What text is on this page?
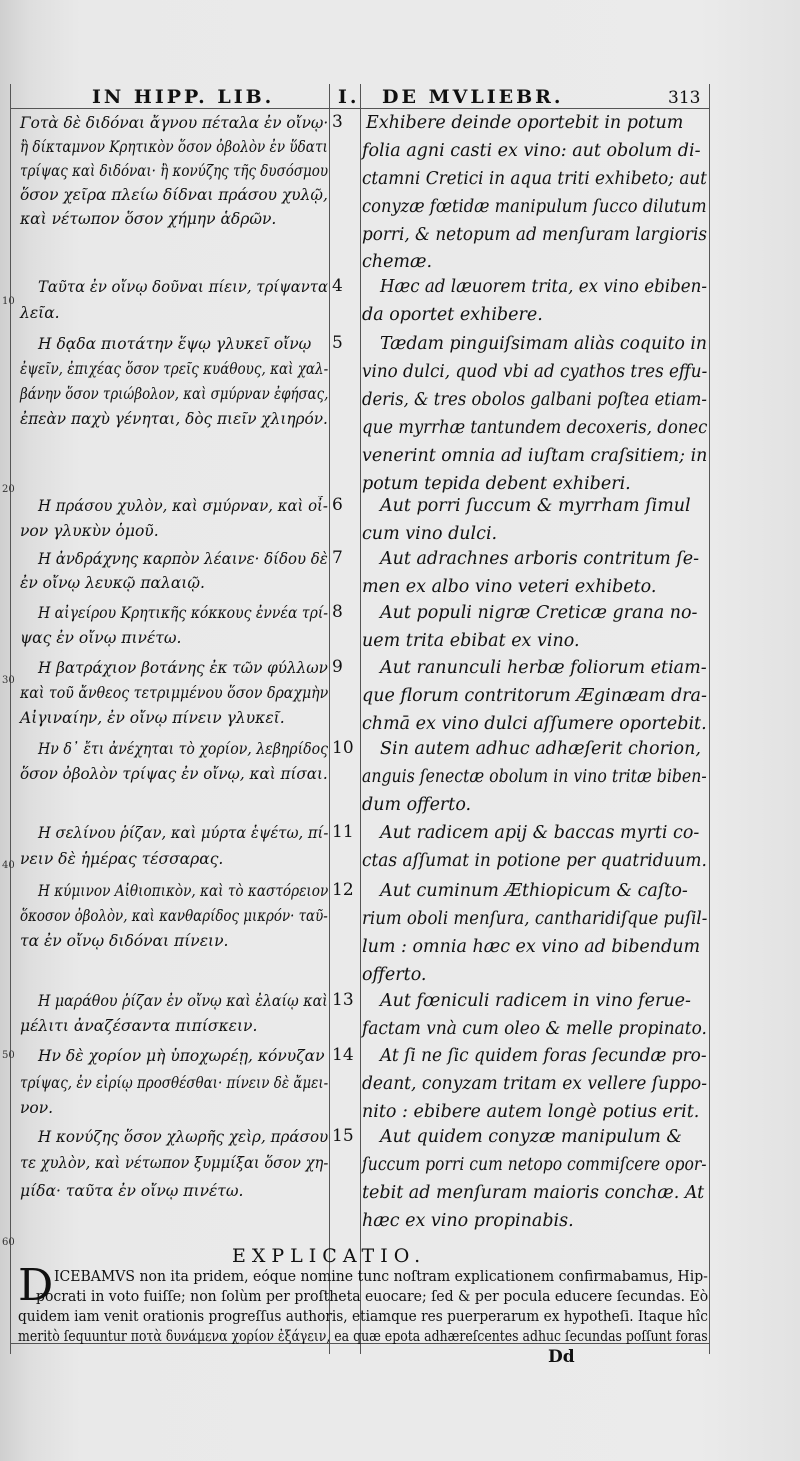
IN HIPP. LIB.	I. DE MVLIEBR.	313
Γοτὰ δὲ διδόναι ἄγνου πέταλα ἐν οἴνῳ·
ἢ δίκταμνον Κρητικὸν ὅσον ὀβολὸν ἐν ὕδατι
τρίψας καὶ διδόναι· ἢ κονύζης τῆς δυσόσμου
ὅσον χεῖρα πλείω δίδναι πράσου χυλῷ,
καὶ νέτωπον ὅσον χήμην ἁδρῶν.
Ταῦτα ἐν οἴνῳ δοῦναι πίειν, τρίψαντα
λεῖα.
Η δᾳδα πιοτάτην ἕψῳ γλυκεῖ οἴνῳ
ἐψεῖν, ἐπιχέας ὅσον τρεῖς κυάθους, καὶ χαλ-
βάνην ὅσον τριώβολον, καὶ σμύρναν ἐφήσας,
ἐπεὰν παχὺ γένηται, δὸς πιεῖν χλιηρόν.
Η πράσου χυλὸν, καὶ σμύρναν, καὶ οἶ-
νον γλυκὺν ὁμοῦ.
Η ἀνδράχνης καρπὸν λέαινε· δίδου δὲ
ἐν οἴνῳ λευκῷ παλαιῷ.
Η αἰγείρου Κρητικῆς κόκκους ἐννέα τρί-
ψας ἐν οἴνῳ πινέτω.
Η βατράχιον βοτάνης ἐκ τῶν φύλλων
καὶ τοῦ ἄνθεος τετριμμένου ὅσον δραχμὴν
Αἰγιναίην, ἐν οἴνῳ πίνειν γλυκεῖ.
Ην δ᾽ ἔτι ἀνέχηται τὸ χορίον, λεβηρίδος
ὅσον ὀβολὸν τρίψας ἐν οἴνῳ, καὶ πίσαι.
Η σελίνου ῥίζαν, καὶ μύρτα ἑψέτω, πί-
νειν δὲ ἡμέρας τέσσαρας.
Η κύμινον Αἰθιοπικὸν, καὶ τὸ καστόρειον
ὅκοσον ὀβολὸν, καὶ κανθαρίδος μικρόν· ταῦ-
τα ἐν οἴνῳ διδόναι πίνειν.
Η μαράθου ῥίζαν ἐν οἴνῳ καὶ ἐλαίῳ καὶ
μέλιτι ἀναζέσαντα πιπίσκειν.
Ην δὲ χορίον μὴ ὑποχωρέῃ, κόνυζαν
τρίψας, ἐν εἰρίῳ προσθέσθαι· πίνειν δὲ ἄμει-
νον.
Η κονύζης ὅσον χλωρῆς χεὶρ, πράσου
τε χυλὸν, καὶ νέτωπον ξυμμίξαι ὅσον χη-
μίδα· ταῦτα ἐν οἴνῳ πινέτω.
3
4
5
6
7
8
9
10
11
12
13
14
15
10
20
30
40
50
60
Exhibere deinde oportebit in potum
folia agni casti ex vino: aut obolum di-
ctamni Cretici in aqua triti exhibeto; aut
conyzæ fœtidæ manipulum ſucco dilutum
porri, & netopum ad menſuram largioris
chemæ.
Hæc ad læuorem trita, ex vino ebiben-
da oportet exhibere.
Tædam pinguiſsimam aliàs coquito in
vino dulci, quod vbi ad cyathos tres effu-
deris, & tres obolos galbani poſtea etiam-
que myrrhæ tantundem decoxeris, donec
venerint omnia ad iuſtam craſsitiem; in
potum tepida debent exhiberi.
Aut porri ſuccum & myrrham ſimul
cum vino dulci.
Aut adrachnes arboris contritum ſe-
men ex albo vino veteri exhibeto.
Aut populi nigræ Creticæ grana no-
uem trita ebibat ex vino.
Aut ranunculi herbæ foliorum etiam-
que florum contritorum Æginæam dra-
chmā ex vino dulci aſſumere oportebit.
Sin autem adhuc adhæſerit chorion,
anguis ſenectæ obolum in vino tritæ biben-
dum offerto.
Aut radicem apij & baccas myrti co-
ctas aſſumat in potione per quatriduum.
Aut cuminum Æthiopicum & caſto-
rium oboli menſura, cantharidiſque puſil-
lum : omnia hæc ex vino ad bibendum
offerto.
Aut fœniculi radicem in vino ferue-
factam vnà cum oleo & melle propinato.
At ſi ne ſic quidem foras ſecundæ pro-
deant, conyzam tritam ex vellere ſuppo-
nito : ebibere autem longè potius erit.
Aut quidem conyzæ manipulum &
ſuccum porri cum netopo commiſcere opor-
tebit ad menſuram maioris conchæ. At
hæc ex vino propinabis.
EXPLICATIO.
D ICEBAMVS non ita pridem, eóque nomine tunc noſtram explicationem confirmabamus, Hip-
pocrati in voto fuiſſe; non ſolùm per proſtheta euocare; ſed & per pocula educere ſecundas. Eò
quidem iam venit orationis progreſſus authoris, etiamque res puerperarum ex hypotheſi. Itaque hîc
meritò ſequuntur ποτὰ δυνάμενα χορίον ἐξάγειν, ea quæ epota adhæreſcentes adhuc ſecundas poſſunt foras
Dd
